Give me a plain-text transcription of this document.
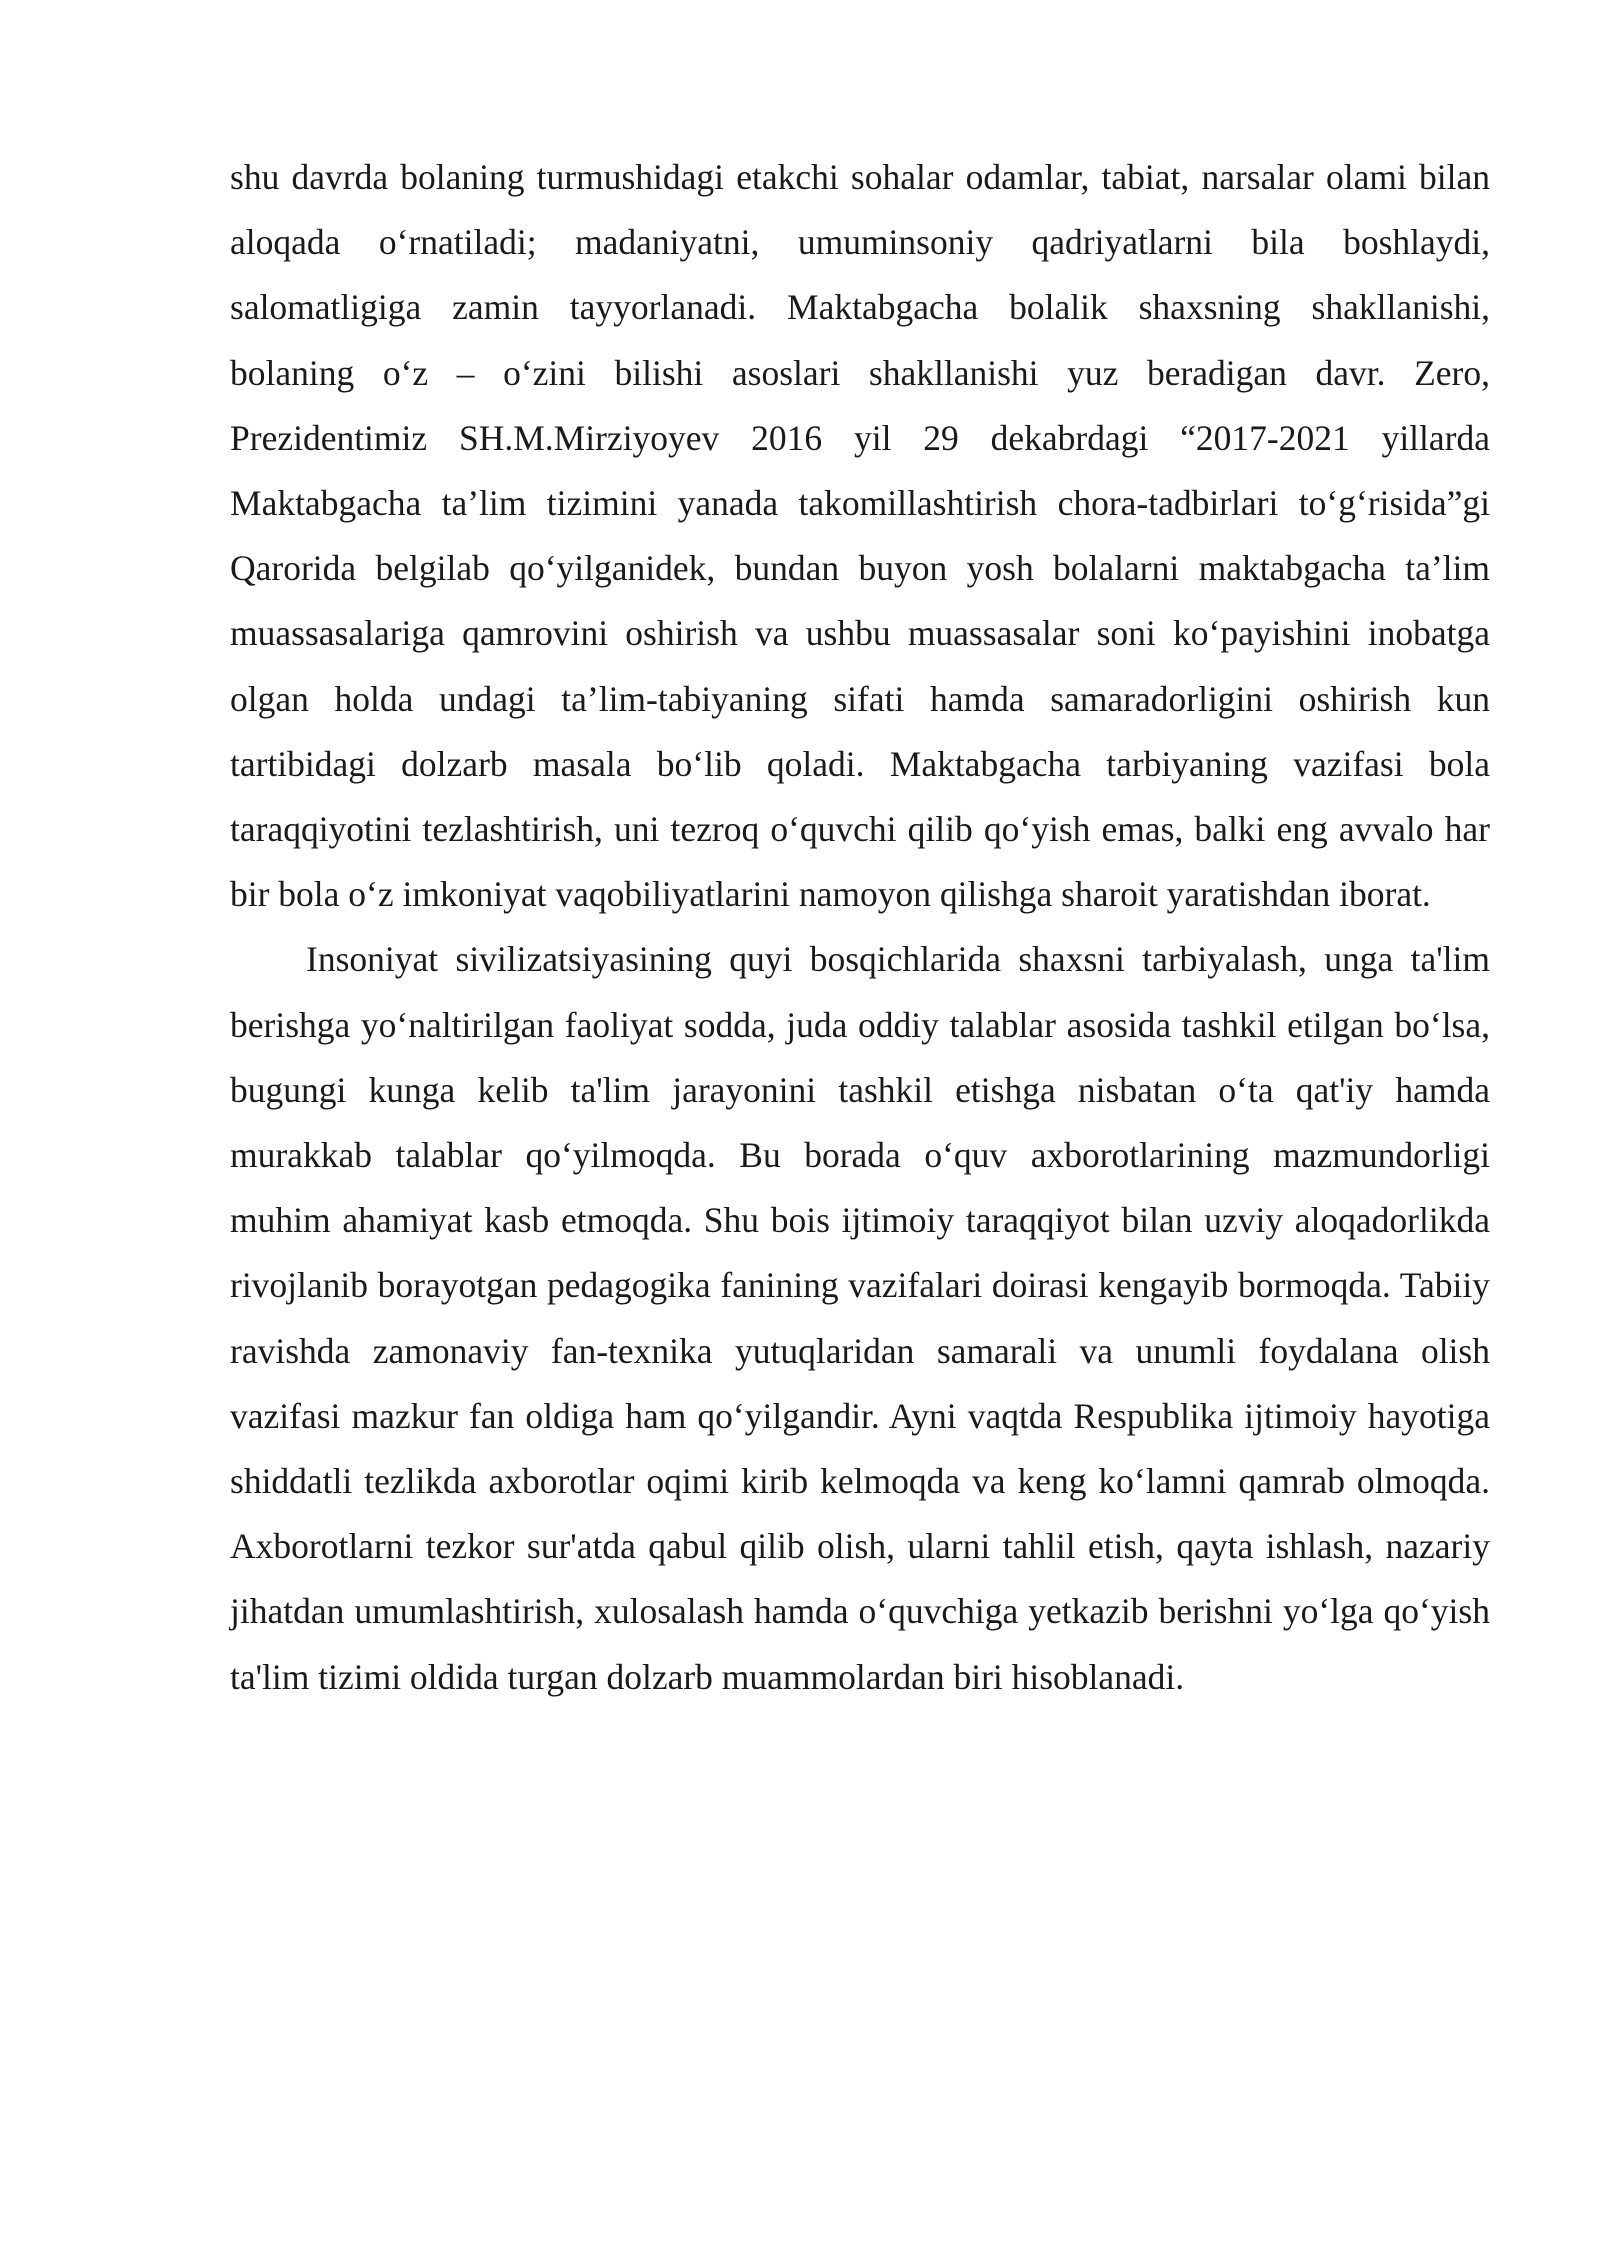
shu davrda bolaning turmushidagi etakchi sohalar odamlar, tabiat, narsalar olami bilan aloqada o‘rnatiladi; madaniyatni, umuminsoniy qadriyatlarni bila boshlaydi, salomatligiga zamin tayyorlanadi. Maktabgacha bolalik shaxsning shakllanishi, bolaning o‘z – o‘zini bilishi asoslari shakllanishi yuz beradigan davr. Zero, Prezidentimiz SH.M.Mirziyoyev 2016 yil 29 dekabrdagi “2017-2021 yillarda Maktabgacha ta’lim tizimini yanada takomillashtirish chora-tadbirlari to‘g‘risida”gi Qarorida belgilab qo‘yilganidek, bundan buyon yosh bolalarni maktabgacha ta’lim muassasalariga qamrovini oshirish va ushbu muassasalar soni ko‘payishini inobatga olgan holda undagi ta’lim-tabiyaning sifati hamda samaradorligini oshirish kun tartibidagi dolzarb masala bo‘lib qoladi. Maktabgacha tarbiyaning vazifasi bola taraqqiyotini tezlashtirish, uni tezroq o‘quvchi qilib qo‘yish emas, balki eng avvalo har bir bola o‘z imkoniyat vaqobiliyatlarini namoyon qilishga sharoit yaratishdan iborat.

Insoniyat sivilizatsiyasining quyi bosqichlarida shaxsni tarbiyalash, unga ta'lim berishga yo‘naltirilgan faoliyat sodda, juda oddiy talablar asosida tashkil etilgan bo‘lsa, bugungi kunga kelib ta'lim jarayonini tashkil etishga nisbatan o‘ta qat'iy hamda murakkab talablar qo‘yilmoqda. Bu borada o‘quv axborotlarining mazmundorligi muhim ahamiyat kasb etmoqda. Shu bois ijtimoiy taraqqiyot bilan uzviy aloqadorlikda rivojlanib borayotgan pedagogika fanining vazifalari doirasi kengayib bormoqda. Tabiiy ravishda zamonaviy fan-texnika yutuqlaridan samarali va unumli foydalana olish vazifasi mazkur fan oldiga ham qo‘yilgandir. Ayni vaqtda Respublika ijtimoiy hayotiga shiddatli tezlikda axborotlar oqimi kirib kelmoqda va keng ko‘lamni qamrab olmoqda. Axborotlarni tezkor sur'atda qabul qilib olish, ularni tahlil etish, qayta ishlash, nazariy jihatdan umumlashtirish, xulosalash hamda o‘quvchiga yetkazib berishni yo‘lga qo‘yish ta'lim tizimi oldida turgan dolzarb muammolardan biri hisoblanadi.
